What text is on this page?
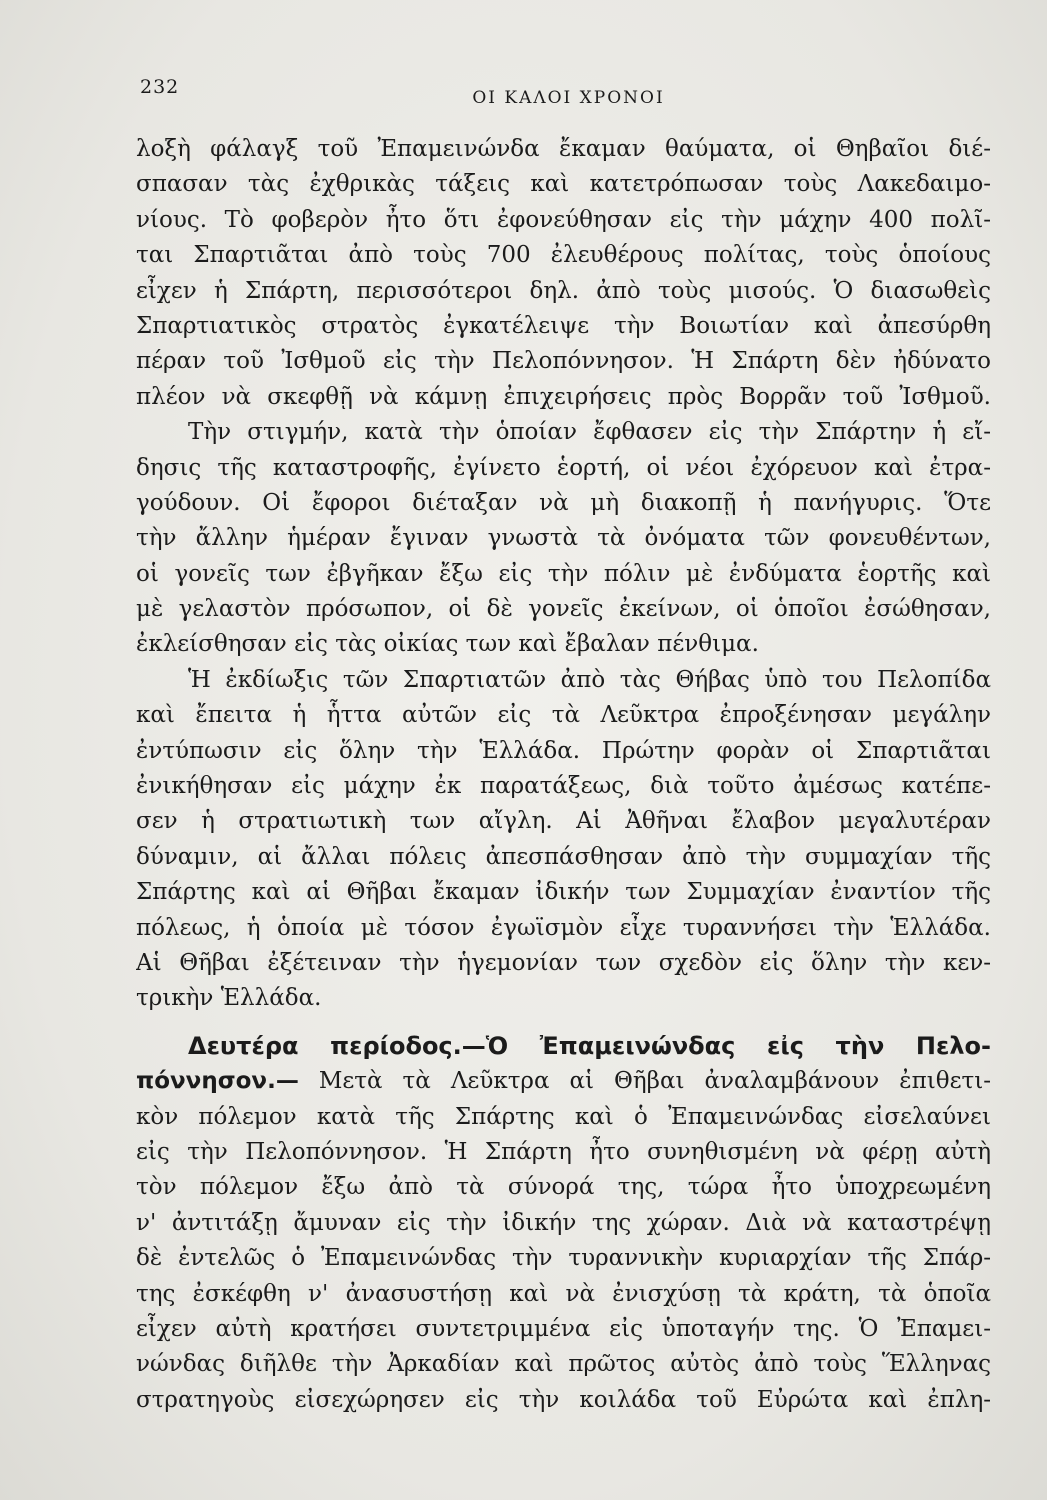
232	ΟΙ ΚΑΛΟΙ ΧΡΟΝΟΙ
λοξὴ φάλαγξ τοῦ Ἐπαμεινώνδα ἔκαμαν θαύματα, οἱ Θηβαῖοι διέ-
σπασαν τὰς ἐχθρικὰς τάξεις καὶ κατετρόπωσαν τοὺς Λακεδαιμο-
νίους. Τὸ φοβερὸν ἦτο ὅτι ἐφονεύθησαν εἰς τὴν μάχην 400 πολῖ-
ται Σπαρτιᾶται ἀπὸ τοὺς 700 ἐλευθέρους πολίτας, τοὺς ὁποίους
εἶχεν ἡ Σπάρτη, περισσότεροι δηλ. ἀπὸ τοὺς μισούς. Ὁ διασωθεὶς
Σπαρτιατικὸς στρατὸς ἐγκατέλειψε τὴν Βοιωτίαν καὶ ἀπεσύρθη
πέραν τοῦ Ἰσθμοῦ εἰς τὴν Πελοπόννησον. Ἡ Σπάρτη δὲν ἠδύνατο
πλέον νὰ σκεφθῇ νὰ κάμνῃ ἐπιχειρήσεις πρὸς Βορρᾶν τοῦ Ἰσθμοῦ.
Τὴν στιγμήν, κατὰ τὴν ὁποίαν ἔφθασεν εἰς τὴν Σπάρτην ἡ εἴ-
δησις τῆς καταστροφῆς, ἐγίνετο ἑορτή, οἱ νέοι ἐχόρευον καὶ ἐτρα-
γούδουν. Οἱ ἔφοροι διέταξαν νὰ μὴ διακοπῇ ἡ πανήγυρις. Ὅτε
τὴν ἄλλην ἡμέραν ἔγιναν γνωστὰ τὰ ὀνόματα τῶν φονευθέντων,
οἱ γονεῖς των ἐβγῆκαν ἔξω εἰς τὴν πόλιν μὲ ἐνδύματα ἑορτῆς καὶ
μὲ γελαστὸν πρόσωπον, οἱ δὲ γονεῖς ἐκείνων, οἱ ὁποῖοι ἐσώθησαν,
ἐκλείσθησαν εἰς τὰς οἰκίας των καὶ ἔβαλαν πένθιμα.
Ἡ ἐκδίωξις τῶν Σπαρτιατῶν ἀπὸ τὰς Θήβας ὑπὸ του Πελοπίδα
καὶ ἔπειτα ἡ ἧττα αὐτῶν εἰς τὰ Λεῦκτρα ἐπροξένησαν μεγάλην
ἐντύπωσιν εἰς ὅλην τὴν Ἑλλάδα. Πρώτην φορὰν οἱ Σπαρτιᾶται
ἐνικήθησαν εἰς μάχην ἐκ παρατάξεως, διὰ τοῦτο ἀμέσως κατέπε-
σεν ἡ στρατιωτικὴ των αἴγλη. Αἱ Ἀθῆναι ἔλαβον μεγαλυτέραν
δύναμιν, αἱ ἄλλαι πόλεις ἀπεσπάσθησαν ἀπὸ τὴν συμμαχίαν τῆς
Σπάρτης καὶ αἱ Θῆβαι ἔκαμαν ἰδικήν των Συμμαχίαν ἐναντίον τῆς
πόλεως, ἡ ὁποία μὲ τόσον ἐγωϊσμὸν εἶχε τυραννήσει τὴν Ἑλλάδα.
Αἱ Θῆβαι ἐξέτειναν τὴν ἡγεμονίαν των σχεδὸν εἰς ὅλην τὴν κεν-
τρικὴν Ἑλλάδα.
Δευτέρα περίοδος.—Ὁ Ἐπαμεινώνδας εἰς τὴν Πελο-
πόννησον.— Μετὰ τὰ Λεῦκτρα αἱ Θῆβαι ἀναλαμβάνουν ἐπιθετι-
κὸν πόλεμον κατὰ τῆς Σπάρτης καὶ ὁ Ἐπαμεινώνδας εἰσελαύνει
εἰς τὴν Πελοπόννησον. Ἡ Σπάρτη ἦτο συνηθισμένη νὰ φέρῃ αὐτὴ
τὸν πόλεμον ἔξω ἀπὸ τὰ σύνορά της, τώρα ἦτο ὑποχρεωμένη
ν' ἀντιτάξῃ ἄμυναν εἰς τὴν ἰδικήν της χώραν. Διὰ νὰ καταστρέψῃ
δὲ ἐντελῶς ὁ Ἐπαμεινώνδας τὴν τυραννικὴν κυριαρχίαν τῆς Σπάρ-
της ἐσκέφθη ν' ἀνασυστήσῃ καὶ νὰ ἐνισχύσῃ τὰ κράτη, τὰ ὁποῖα
εἶχεν αὐτὴ κρατήσει συντετριμμένα εἰς ὑποταγήν της. Ὁ Ἐπαμει-
νώνδας διῆλθε τὴν Ἀρκαδίαν καὶ πρῶτος αὐτὸς ἀπὸ τοὺς Ἕλληνας
στρατηγοὺς εἰσεχώρησεν εἰς τὴν κοιλάδα τοῦ Εὐρώτα καὶ ἐπλη-
